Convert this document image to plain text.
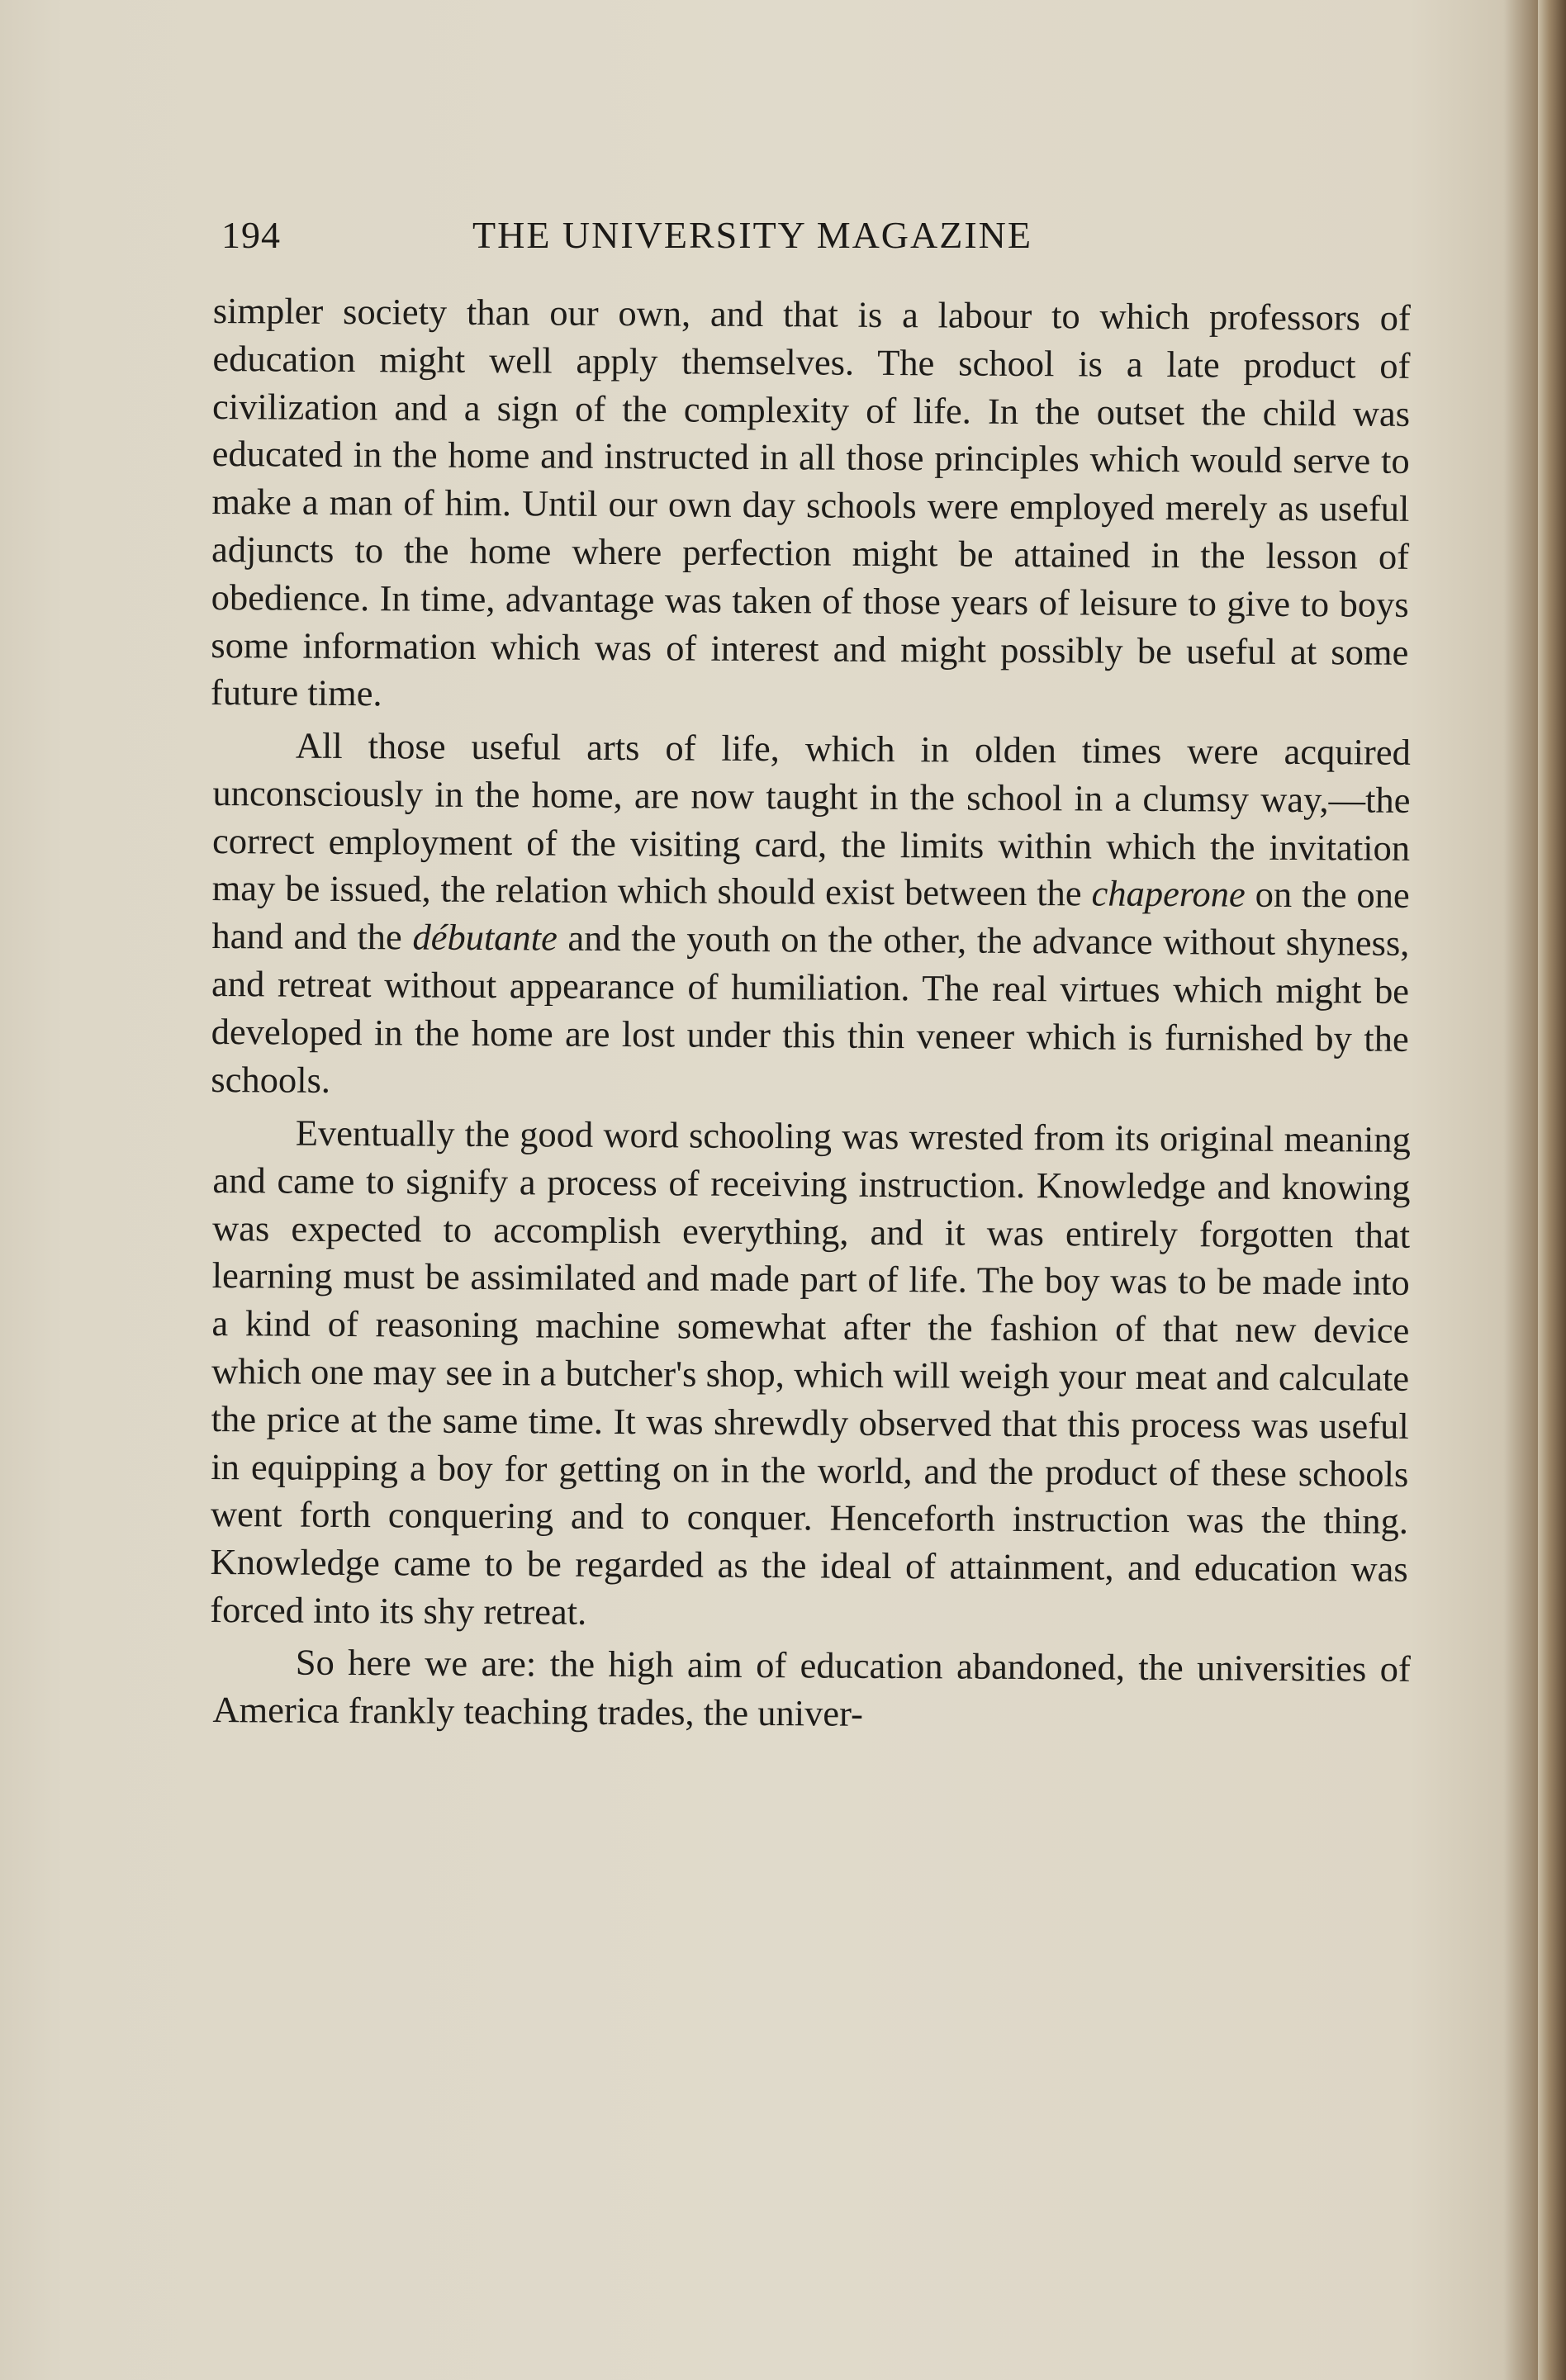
194	THE UNIVERSITY MAGAZINE

simpler society than our own, and that is a labour to which professors of education might well apply themselves. The school is a late product of civilization and a sign of the complexity of life. In the outset the child was educated in the home and instructed in all those principles which would serve to make a man of him. Until our own day schools were employed merely as useful adjuncts to the home where perfection might be attained in the lesson of obedience. In time, advantage was taken of those years of leisure to give to boys some information which was of interest and might possibly be useful at some future time.

All those useful arts of life, which in olden times were acquired unconsciously in the home, are now taught in the school in a clumsy way,—the correct employment of the visiting card, the limits within which the invitation may be issued, the relation which should exist between the chaperone on the one hand and the débutante and the youth on the other, the advance without shyness, and retreat without appearance of humiliation. The real virtues which might be developed in the home are lost under this thin veneer which is furnished by the schools.

Eventually the good word schooling was wrested from its original meaning and came to signify a process of receiving instruction. Knowledge and knowing was expected to accomplish everything, and it was entirely forgotten that learning must be assimilated and made part of life. The boy was to be made into a kind of reasoning machine somewhat after the fashion of that new device which one may see in a butcher's shop, which will weigh your meat and calculate the price at the same time. It was shrewdly observed that this process was useful in equipping a boy for getting on in the world, and the product of these schools went forth conquering and to conquer. Henceforth instruction was the thing. Knowledge came to be regarded as the ideal of attainment, and education was forced into its shy retreat.

So here we are: the high aim of education abandoned, the universities of America frankly teaching trades, the univer-
